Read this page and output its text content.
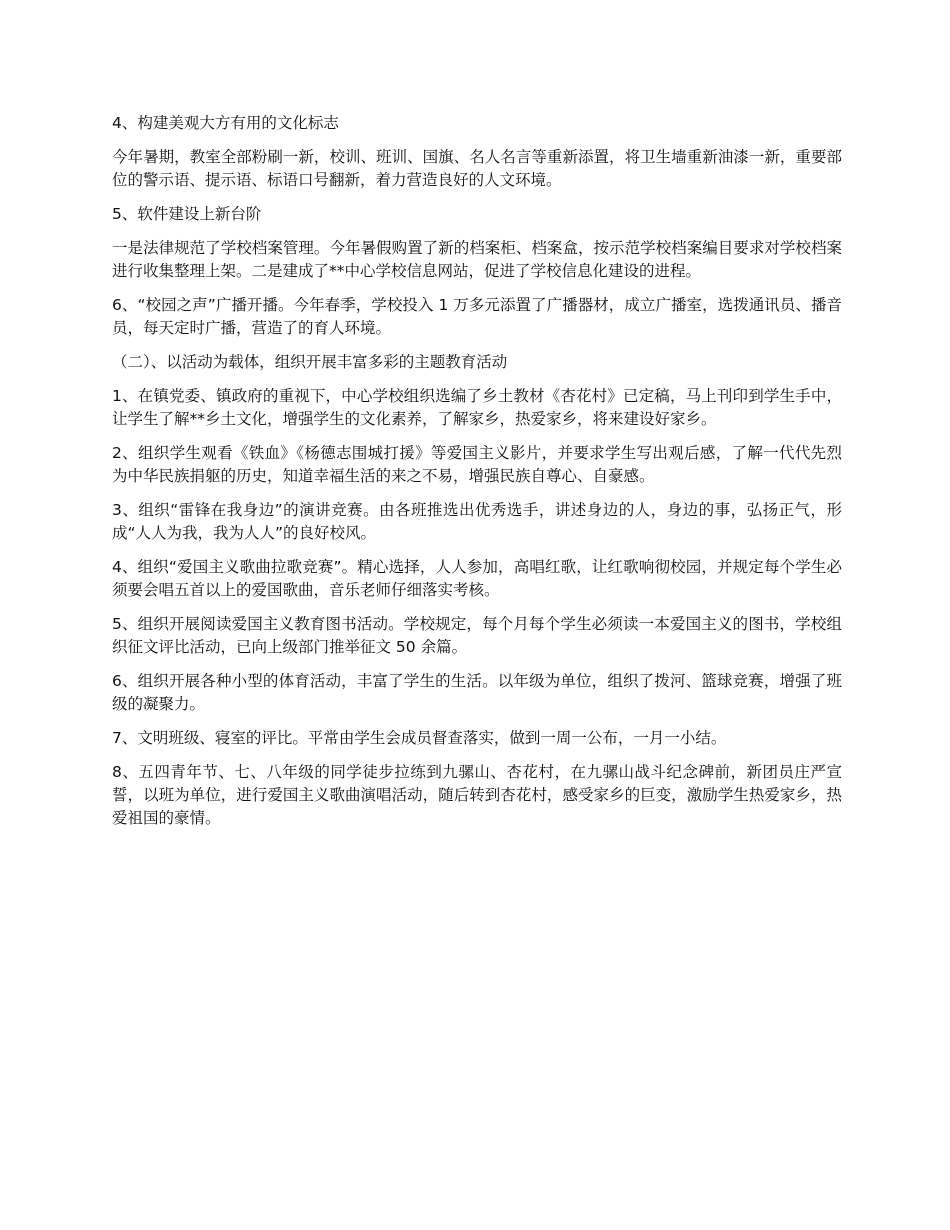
4、构建美观大方有用的文化标志

今年暑期，教室全部粉刷一新，校训、班训、国旗、名人名言等重新添置，将卫生墙重新油漆一新，重要部位的警示语、提示语、标语口号翻新，着力营造良好的人文环境。

5、软件建设上新台阶

一是法律规范了学校档案管理。今年暑假购置了新的档案柜、档案盒，按示范学校档案编目要求对学校档案进行收集整理上架。二是建成了**中心学校信息网站，促进了学校信息化建设的进程。

6、“校园之声”广播开播。今年春季，学校投入 1 万多元添置了广播器材，成立广播室，选拨通讯员、播音员，每天定时广播，营造了的育人环境。

（二）、以活动为载体，组织开展丰富多彩的主题教育活动

1、在镇党委、镇政府的重视下，中心学校组织选编了乡土教材《杏花村》已定稿，马上刊印到学生手中，让学生了解**乡土文化，增强学生的文化素养，了解家乡，热爱家乡，将来建设好家乡。

2、组织学生观看《铁血》《杨德志围城打援》等爱国主义影片，并要求学生写出观后感，了解一代代先烈为中华民族捐躯的历史，知道幸福生活的来之不易，增强民族自尊心、自豪感。

3、组织“雷锋在我身边”的演讲竞赛。由各班推选出优秀选手，讲述身边的人，身边的事，弘扬正气，形成“人人为我，我为人人”的良好校风。

4、组织“爱国主义歌曲拉歌竞赛”。精心选择，人人参加，高唱红歌，让红歌响彻校园，并规定每个学生必须要会唱五首以上的爱国歌曲，音乐老师仔细落实考核。

5、组织开展阅读爱国主义教育图书活动。学校规定，每个月每个学生必须读一本爱国主义的图书，学校组织征文评比活动，已向上级部门推举征文 50 余篇。

6、组织开展各种小型的体育活动，丰富了学生的生活。以年级为单位，组织了拨河、篮球竞赛，增强了班级的凝聚力。

7、文明班级、寝室的评比。平常由学生会成员督查落实，做到一周一公布，一月一小结。

8、五四青年节、七、八年级的同学徒步拉练到九骡山、杏花村，在九骡山战斗纪念碑前，新团员庄严宣誓，以班为单位，进行爱国主义歌曲演唱活动，随后转到杏花村，感受家乡的巨变，激励学生热爱家乡，热爱祖国的豪情。
